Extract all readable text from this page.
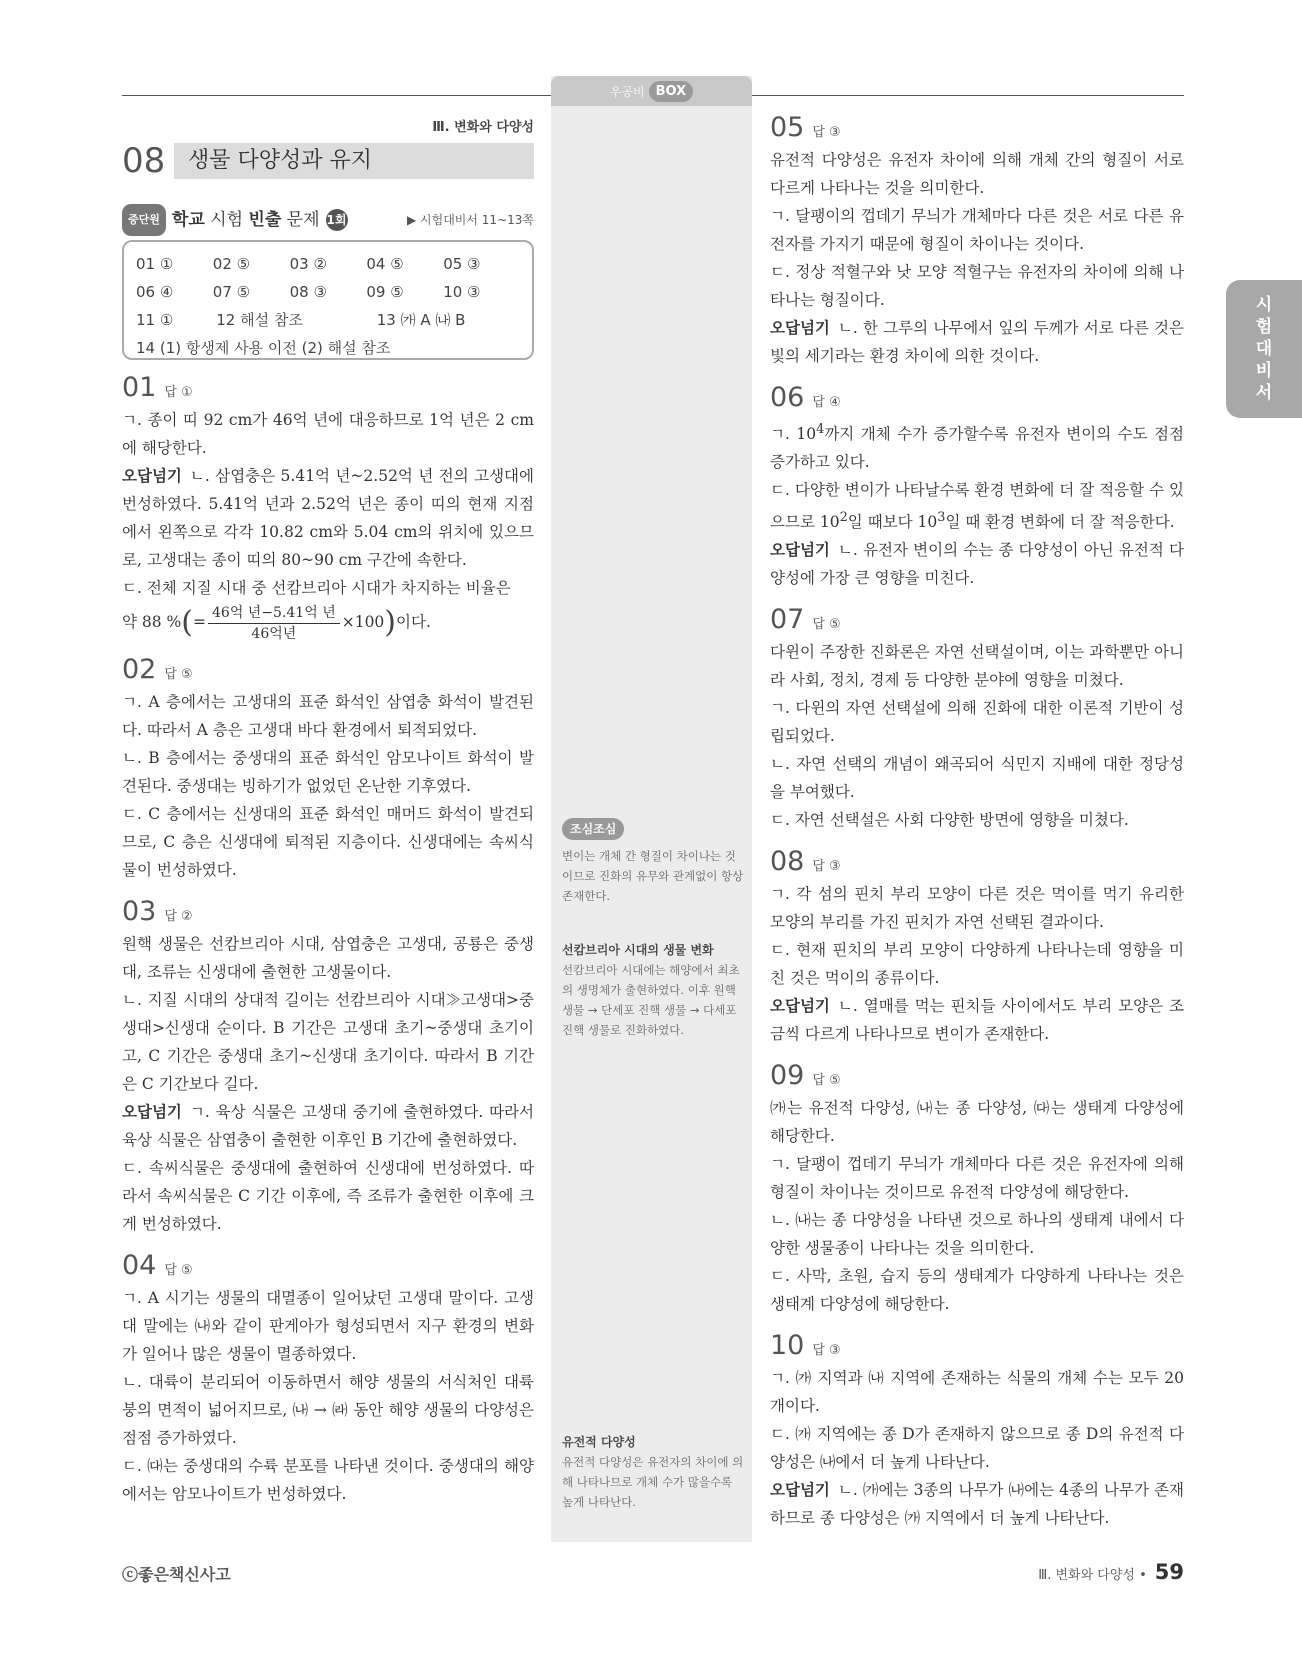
우공비 BOX
Ⅲ. 변화와 다양성
08	생물 다양성과 유지
중단원 학교 시험 빈출 문제 1회	▶ 시험대비서 11~13쪽
01 ①	02 ⑤	03 ②	04 ⑤	05 ③
06 ④	07 ⑤	08 ③	09 ⑤	10 ③
11 ①	12 해설 참조	13 ㈎ A ㈏ B
14 (1) 항생제 사용 이전 (2) 해설 참조
01 답 ①
ㄱ. 종이 띠 92 cm가 46억 년에 대응하므로 1억 년은 2 cm에 해당한다.
오답넘기 ㄴ. 삼엽충은 5.41억 년~2.52억 년 전의 고생대에 번성하였다. 5.41억 년과 2.52억 년은 종이 띠의 현재 지점에서 왼쪽으로 각각 10.82 cm와 5.04 cm의 위치에 있으므로, 고생대는 종이 띠의 80~90 cm 구간에 속한다.
ㄷ. 전체 지질 시대 중 선캄브리아 시대가 차지하는 비율은
약 88 %(= $\frac{\text{46억 년−5.41억 년}}{\text{46억년}} \times 100$)이다.
02 답 ⑤
ㄱ. A 층에서는 고생대의 표준 화석인 삼엽충 화석이 발견된다. 따라서 A 층은 고생대 바다 환경에서 퇴적되었다.
ㄴ. B 층에서는 중생대의 표준 화석인 암모나이트 화석이 발견된다. 중생대는 빙하기가 없었던 온난한 기후였다.
ㄷ. C 층에서는 신생대의 표준 화석인 매머드 화석이 발견되므로, C 층은 신생대에 퇴적된 지층이다. 신생대에는 속씨식물이 번성하였다.
03 답 ②
원핵 생물은 선캄브리아 시대, 삼엽충은 고생대, 공룡은 중생대, 조류는 신생대에 출현한 고생물이다.
ㄴ. 지질 시대의 상대적 길이는 선캄브리아 시대≫고생대>중생대>신생대 순이다. B 기간은 고생대 초기~중생대 초기이고, C 기간은 중생대 초기~신생대 초기이다. 따라서 B 기간은 C 기간보다 길다.
오답넘기 ㄱ. 육상 식물은 고생대 중기에 출현하였다. 따라서 육상 식물은 삼엽충이 출현한 이후인 B 기간에 출현하였다.
ㄷ. 속씨식물은 중생대에 출현하여 신생대에 번성하였다. 따라서 속씨식물은 C 기간 이후에, 즉 조류가 출현한 이후에 크게 번성하였다.
04 답 ⑤
ㄱ. A 시기는 생물의 대멸종이 일어났던 고생대 말이다. 고생대 말에는 ㈏와 같이 판게아가 형성되면서 지구 환경의 변화가 일어나 많은 생물이 멸종하였다.
ㄴ. 대륙이 분리되어 이동하면서 해양 생물의 서식처인 대륙붕의 면적이 넓어지므로, ㈏ → ㈑ 동안 해양 생물의 다양성은 점점 증가하였다.
ㄷ. ㈐는 중생대의 수륙 분포를 나타낸 것이다. 중생대의 해양에서는 암모나이트가 번성하였다.
조심조심
변이는 개체 간 형질이 차이나는 것이므로 진화의 유무와 관계없이 항상 존재한다.
선캄브리아 시대의 생물 변화
선캄브리아 시대에는 해양에서 최초의 생명체가 출현하였다. 이후 원핵 생물 → 단세포 진핵 생물 → 다세포 진핵 생물로 진화하였다.
유전적 다양성
유전적 다양성은 유전자의 차이에 의해 나타나므로 개체 수가 많을수록 높게 나타난다.
05 답 ③
유전적 다양성은 유전자 차이에 의해 개체 간의 형질이 서로 다르게 나타나는 것을 의미한다.
ㄱ. 달팽이의 껍데기 무늬가 개체마다 다른 것은 서로 다른 유전자를 가지기 때문에 형질이 차이나는 것이다.
ㄷ. 정상 적혈구와 낫 모양 적혈구는 유전자의 차이에 의해 나타나는 형질이다.
오답넘기 ㄴ. 한 그루의 나무에서 잎의 두께가 서로 다른 것은 빛의 세기라는 환경 차이에 의한 것이다.
06 답 ④
ㄱ. $10^4$까지 개체 수가 증가할수록 유전자 변이의 수도 점점 증가하고 있다.
ㄷ. 다양한 변이가 나타날수록 환경 변화에 더 잘 적응할 수 있으므로 $10^2$일 때보다 $10^3$일 때 환경 변화에 더 잘 적응한다.
오답넘기 ㄴ. 유전자 변이의 수는 종 다양성이 아닌 유전적 다양성에 가장 큰 영향을 미친다.
07 답 ⑤
다윈이 주장한 진화론은 자연 선택설이며, 이는 과학뿐만 아니라 사회, 정치, 경제 등 다양한 분야에 영향을 미쳤다.
ㄱ. 다윈의 자연 선택설에 의해 진화에 대한 이론적 기반이 성립되었다.
ㄴ. 자연 선택의 개념이 왜곡되어 식민지 지배에 대한 정당성을 부여했다.
ㄷ. 자연 선택설은 사회 다양한 방면에 영향을 미쳤다.
08 답 ③
ㄱ. 각 섬의 핀치 부리 모양이 다른 것은 먹이를 먹기 유리한 모양의 부리를 가진 핀치가 자연 선택된 결과이다.
ㄷ. 현재 핀치의 부리 모양이 다양하게 나타나는데 영향을 미친 것은 먹이의 종류이다.
오답넘기 ㄴ. 열매를 먹는 핀치들 사이에서도 부리 모양은 조금씩 다르게 나타나므로 변이가 존재한다.
09 답 ⑤
㈎는 유전적 다양성, ㈏는 종 다양성, ㈐는 생태계 다양성에 해당한다.
ㄱ. 달팽이 껍데기 무늬가 개체마다 다른 것은 유전자에 의해 형질이 차이나는 것이므로 유전적 다양성에 해당한다.
ㄴ. ㈏는 종 다양성을 나타낸 것으로 하나의 생태계 내에서 다양한 생물종이 나타나는 것을 의미한다.
ㄷ. 사막, 초원, 습지 등의 생태계가 다양하게 나타나는 것은 생태계 다양성에 해당한다.
10 답 ③
ㄱ. ㈎ 지역과 ㈏ 지역에 존재하는 식물의 개체 수는 모두 20개이다.
ㄷ. ㈎ 지역에는 종 D가 존재하지 않으므로 종 D의 유전적 다양성은 ㈏에서 더 높게 나타난다.
오답넘기 ㄴ. ㈎에는 3종의 나무가 ㈏에는 4종의 나무가 존재하므로 종 다양성은 ㈎ 지역에서 더 높게 나타난다.
시
험
대
비
서
ⓒ좋은책신사고	Ⅲ. 변화와 다양성 • 59
